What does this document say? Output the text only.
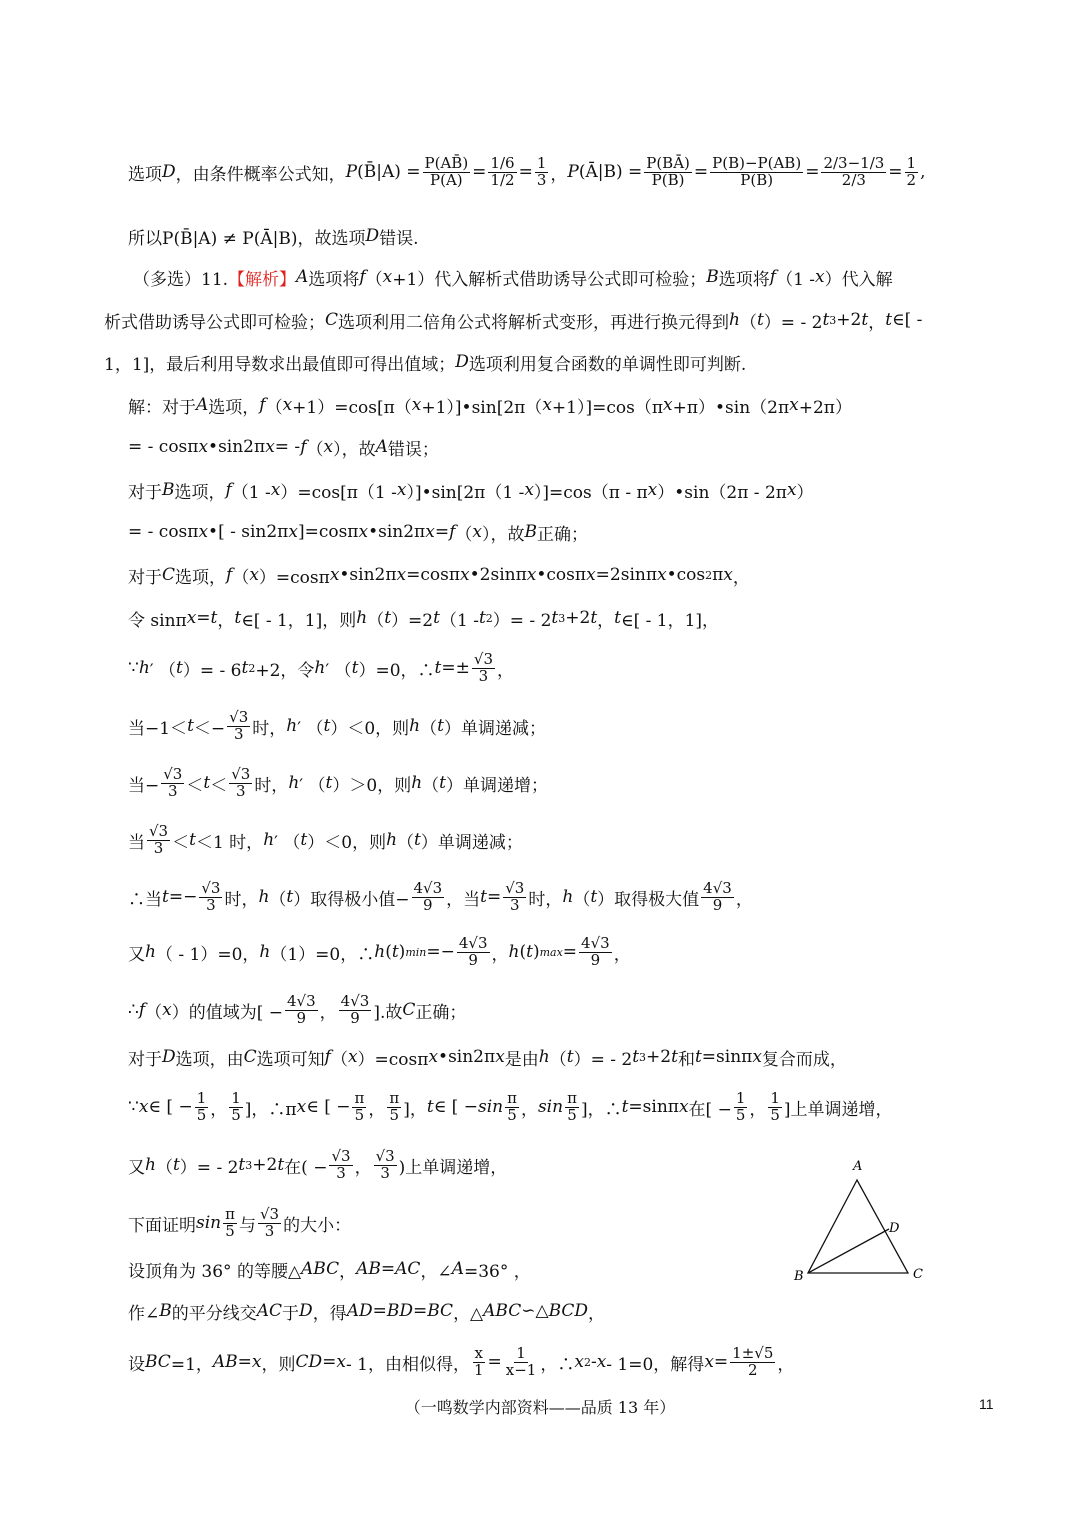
选项 D ，由条件概率公式知， P (B̄|A) = $\frac{P(AB̄)}{P(A)} = \frac{1/6}{1/2} = \frac{1}{3}$ ， P (Ā|B) = $\frac{P(BĀ)}{P(B)} = \frac{P(B)-P(AB)}{P(B)} = \frac{2/3-1/3}{2/3} = \frac{1}{2}$ ,
所以P(B̄|A) ≠ P(Ā|B)，故选项 D 错误.
（多选）11. 【解析】 A 选项将 f （ x +1）代入解析式借助诱导公式即可检验； B 选项将 f （1 - x ）代入解
析式借助诱导公式即可检验； C 选项利用二倍角公式将解析式变形，再进行换元得到 h （ t ）= - 2 t 3 +2 t ， t ∈[ -
1，1]，最后利用导数求出最值即可得出值域； D 选项利用复合函数的单调性即可判断.
解：对于 A 选项， f （ x +1）=cos[π（ x +1）]•sin[2π（ x +1）]=cos（π x +π）•sin（2π x +2π）
= - cosπ x •sin2π x = - f （ x ），故 A 错误；
对于 B 选项， f （1 - x ）=cos[π（1 - x ）]•sin[2π（1 - x ）]=cos（π - π x ）•sin（2π - 2π x ）
= - cosπ x •[ - sin2π x ]=cosπ x •sin2π x = f （ x ），故 B 正确；
对于 C 选项， f （ x ）=cosπ x •sin2π x =cosπ x •2sinπ x •cosπ x =2sinπ x •cos 2 π x ，
令 sinπ x = t ， t ∈[ - 1，1]，则 h （ t ）=2 t （1 - t 2 ）= - 2 t 3 +2 t ， t ∈[ - 1，1]，
∵ h ′ （ t ）= - 6 t 2 +2，令 h ′ （ t ）=0，∴ $t =\pm \frac{√3}{3}$ ，
当$-1< t <- \frac{√3}{3}$ 时， h ′ （ t ）＜0，则 h （ t ）单调递减；
当− $\frac{√3}{3} < t < \frac{√3}{3}$ 时， h ′ （ t ）＞0，则 h （ t ）单调递增；
当 $\frac{√3}{3} < t <1$ 时， h ′ （ t ）＜0，则 h （ t ）单调递减；
∴当 $t =- \frac{√3}{3}$ 时， h （ t ）取得极小值− $\frac{4√3}{9}$ ，当 $t = \frac{√3}{3}$ 时， h （ t ）取得极大值 $\frac{4√3}{9}$ ，
又 h （ - 1）=0， h （1）=0，∴ h ( t ) $\min =- \frac{4√3}{9}$ ， h ( t ) $\max = \frac{4√3}{9}$ ，
∴ f （ x ）的值域为[ − $\frac{4√3}{9}$ ， $\frac{4√3}{9}$ ].故 C 正确；
对于 D 选项，由 C 选项可知 f （ x ）=cosπ x •sin2π x 是由 h （ t ）= - 2 t 3 +2 t 和 t =sinπ x 复合而成，
∵ x ∈ [ − $\frac{1}{5}$ ， $\frac{1}{5}$ ]，∴π x ∈ [ − $\frac{\pi}{5}$ ， $\frac{\pi}{5}$ ]， t ∈ [ − $\sin \frac{\pi}{5}$ ， $\sin \frac{\pi}{5}$ ]，∴ t =sinπ x 在[ − $\frac{1}{5}$ ， $\frac{1}{5}$ ]上单调递增，
又 h （ t ）= - 2 t 3 +2 t 在( − $\frac{√3}{3}$ ， $\frac{√3}{3}$ )上单调递增，
下面证明 $\sin \frac{\pi}{5}$ 与 $\frac{√3}{3}$ 的大小：
设顶角为 36° 的等腰△ ABC ， AB = AC ，∠ A =36° ，
作∠ B 的平分线交 AC 于 D ，得 AD = BD = BC ，△ ABC ∽△ BCD ，
设 BC =1， AB = x ，则 CD = x - 1，由相似得， $\frac{x}{1} = \frac{1}{x-1}$ ，∴ x 2 - x - 1=0，解得 $x = \frac{1\pm√5}{2}$ ，
A
B	C
D
（一鸣数学内部资料——品质 13 年）	11
